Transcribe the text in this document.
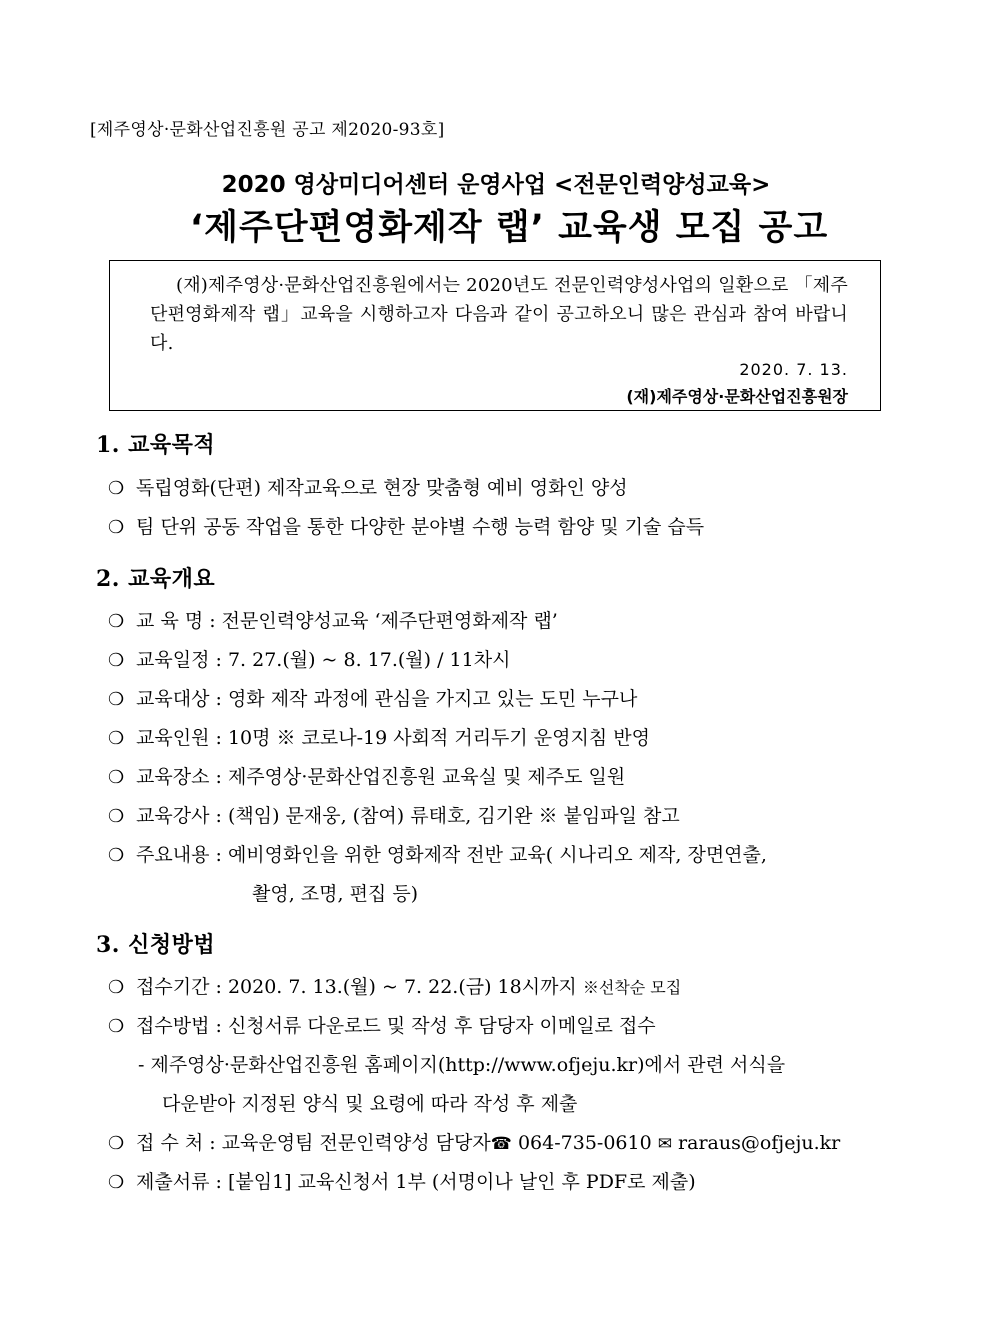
[제주영상·문화산업진흥원 공고 제2020-93호]
2020 영상미디어센터 운영사업 <전문인력양성교육>
‘제주단편영화제작 랩’ 교육생 모집 공고
(재)제주영상·문화산업진흥원에서는 2020년도 전문인력양성사업의 일환으로 「제주단편영화제작 랩」교육을 시행하고자 다음과 같이 공고하오니 많은 관심과 참여 바랍니다.
2020. 7. 13.
(재)제주영상·문화산업진흥원장
1. 교육목적
❍ 독립영화(단편) 제작교육으로 현장 맞춤형 예비 영화인 양성
❍ 팀 단위 공동 작업을 통한 다양한 분야별 수행 능력 함양 및 기술 습득
2. 교육개요
❍ 교 육 명 : 전문인력양성교육 ‘제주단편영화제작 랩’
❍ 교육일정 : 7. 27.(월) ~ 8. 17.(월) / 11차시
❍ 교육대상 : 영화 제작 과정에 관심을 가지고 있는 도민 누구나
❍ 교육인원 : 10명 ※ 코로나-19 사회적 거리두기 운영지침 반영
❍ 교육장소 : 제주영상·문화산업진흥원 교육실 및 제주도 일원
❍ 교육강사 : (책임) 문재웅, (참여) 류태호, 김기완 ※ 붙임파일 참고
❍ 주요내용 : 예비영화인을 위한 영화제작 전반 교육( 시나리오 제작, 장면연출,
촬영, 조명, 편집 등)
3. 신청방법
❍ 접수기간 : 2020. 7. 13.(월) ~ 7. 22.(금) 18시까지 ※선착순 모집
❍ 접수방법 : 신청서류 다운로드 및 작성 후 담당자 이메일로 접수
- 제주영상·문화산업진흥원 홈페이지(http://www.ofjeju.kr)에서 관련 서식을
다운받아 지정된 양식 및 요령에 따라 작성 후 제출
❍ 접 수 처 : 교육운영팀 전문인력양성 담당자☎ 064-735-0610 ✉ raraus@ofjeju.kr
❍ 제출서류 : [붙임1] 교육신청서 1부 (서명이나 날인 후 PDF로 제출)
